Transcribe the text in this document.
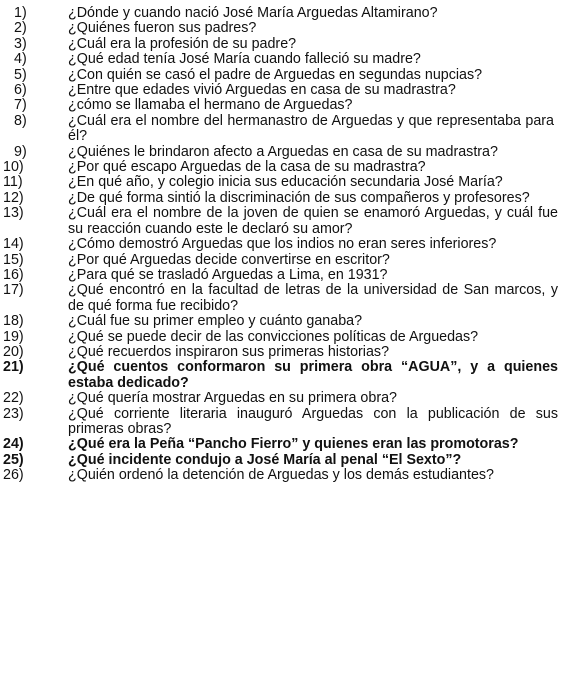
1)	¿Dónde y cuando nació José María Arguedas Altamirano?
2)	¿Quiénes fueron sus padres?
3)	¿Cuál era la profesión de su padre?
4)	¿Qué edad tenía José María cuando falleció su madre?
5)	¿Con quién se casó el padre de Arguedas en segundas nupcias?
6)	¿Entre que edades vivió Arguedas en casa de su madrastra?
7)	¿cómo se llamaba el hermano de Arguedas?
8)	¿Cuál era el nombre del hermanastro de Arguedas y que representaba para él?
9)	¿Quiénes le brindaron afecto a Arguedas en casa de su madrastra?
10)	¿Por qué escapo Arguedas de la casa de su madrastra?
11)	¿En qué año, y colegio inicia sus educación secundaria José María?
12)	¿De qué forma sintió la discriminación de sus compañeros y profesores?
13)	¿Cuál era el nombre de la joven de quien se enamoró Arguedas, y cuál fue su reacción cuando este le declaró su amor?
14)	¿Cómo demostró Arguedas que los indios no eran seres inferiores?
15)	¿Por qué Arguedas decide convertirse en escritor?
16)	¿Para qué se trasladó Arguedas a Lima, en 1931?
17)	¿Qué encontró en la facultad de letras de la universidad de San marcos, y de qué forma fue recibido?
18)	¿Cuál fue su primer empleo y cuánto ganaba?
19)	¿Qué se puede decir de las convicciones políticas de Arguedas?
20)	¿Qué recuerdos inspiraron sus primeras historias?
21)	¿Qué cuentos conformaron su primera obra “AGUA”, y a quienes estaba dedicado?
22)	¿Qué quería mostrar Arguedas en su primera obra?
23)	¿Qué corriente literaria inauguró Arguedas con la publicación de sus primeras obras?
24)	¿Qué era la Peña “Pancho Fierro” y quienes eran las promotoras?
25)	¿Qué incidente condujo a José María al penal “El Sexto”?
26)	¿Quién ordenó la detención de Arguedas y los demás estudiantes?
